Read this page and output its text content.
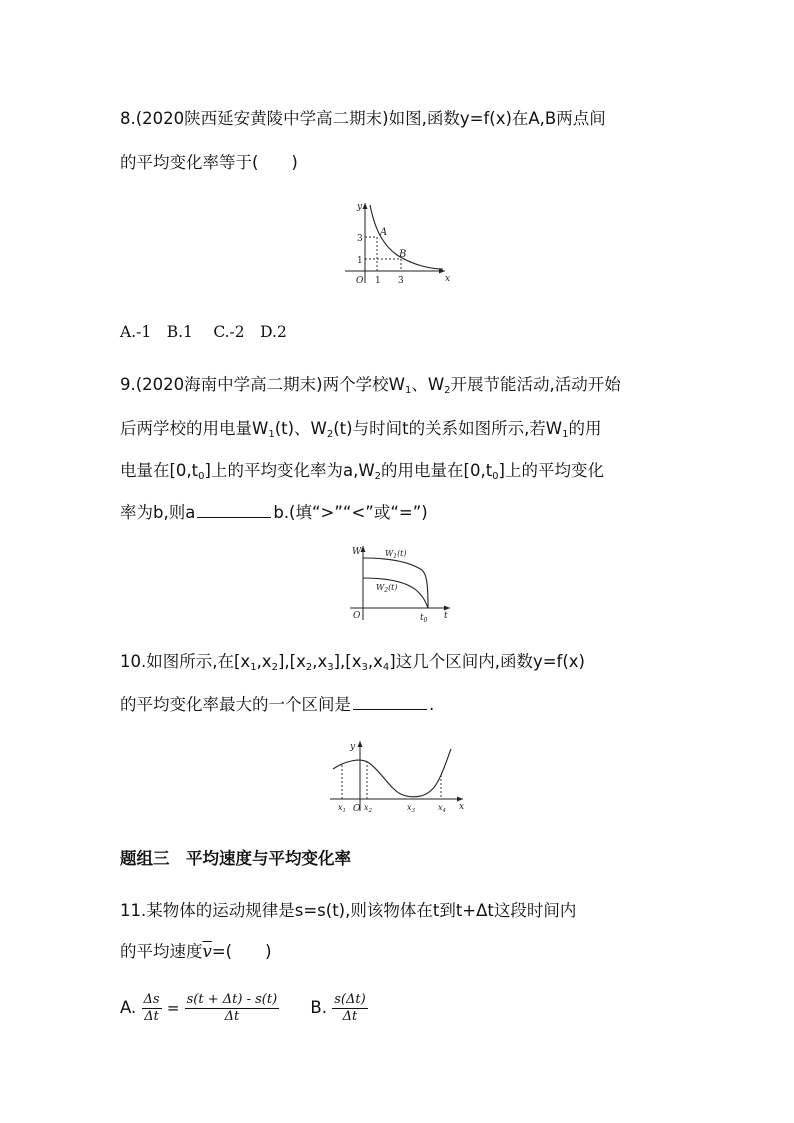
8.(2020陕西延安黄陵中学高二期末)如图,函数y=f(x)在A,B两点间
的平均变化率等于(　　)
y
x
O
A
B
3
1
1 3
A.-1　B.1　 C.-2　D.2
9.(2020海南中学高二期末)两个学校$W_1$、$W_2$开展节能活动,活动开始
后两学校的用电量$W_1(t)$、$W_2(t)$与时间t的关系如图所示,若$W_1$的用
电量在$[0,t_0]$上的平均变化率为$a,W_2$的用电量在$[0,t_0]$上的平均变化
率为b,则a	b.(填“>”“<”或“=”)
W
t
O
$W_1(t)$
$W_2(t)$
$t_0$
10.如图所示,在$[x_1,x_2],[x_2,x_3],[x_3,x_4]$这几个区间内,函数y=f(x)
的平均变化率最大的一个区间是	.
y
x
O
$x_1$ $x_2$	$x_3$	$x_4$
题组三　平均速度与平均变化率
11.某物体的运动规律是s=s(t),则该物体在t到t+Δt这段时间内
的平均速度$\overline{v}=$(　　)
A. $\frac{\Delta s}{\Delta t} = \frac{s(t + \Delta t) - s(t)}{\Delta t} B$. $\frac{s(\Delta t)}{\Delta t}$
